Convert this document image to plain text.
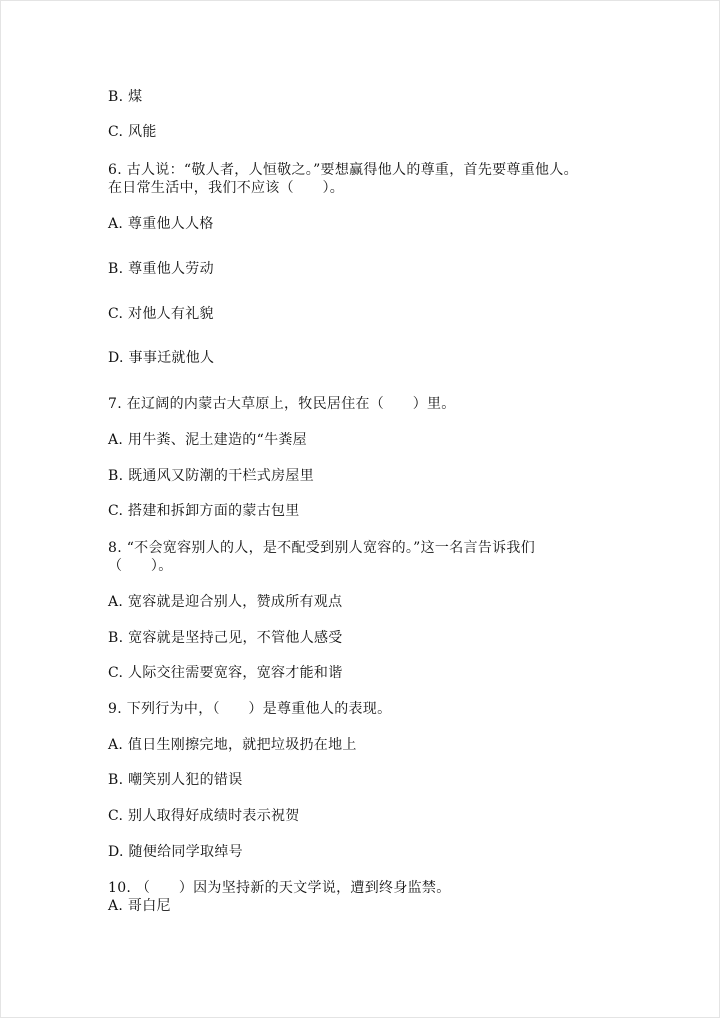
B. 煤

C. 风能

6. 古人说：“敬人者，人恒敬之。”要想赢得他人的尊重，首先要尊重他人。

在日常生活中，我们不应该（　　）。

A. 尊重他人人格

B. 尊重他人劳动

C. 对他人有礼貌

D. 事事迁就他人

7. 在辽阔的内蒙古大草原上，牧民居住在（　　）里。

A. 用牛粪、泥土建造的“牛粪屋

B. 既通风又防潮的干栏式房屋里

C. 搭建和拆卸方面的蒙古包里

8. “不会宽容别人的人，是不配受到别人宽容的。”这一名言告诉我们

（　　）。

A. 宽容就是迎合别人，赞成所有观点

B. 宽容就是坚持己见，不管他人感受

C. 人际交往需要宽容，宽容才能和谐

9. 下列行为中，（　　）是尊重他人的表现。

A. 值日生刚擦完地，就把垃圾扔在地上

B. 嘲笑别人犯的错误

C. 别人取得好成绩时表示祝贺

D. 随便给同学取绰号

10. （　　）因为坚持新的天文学说，遭到终身监禁。

A. 哥白尼
